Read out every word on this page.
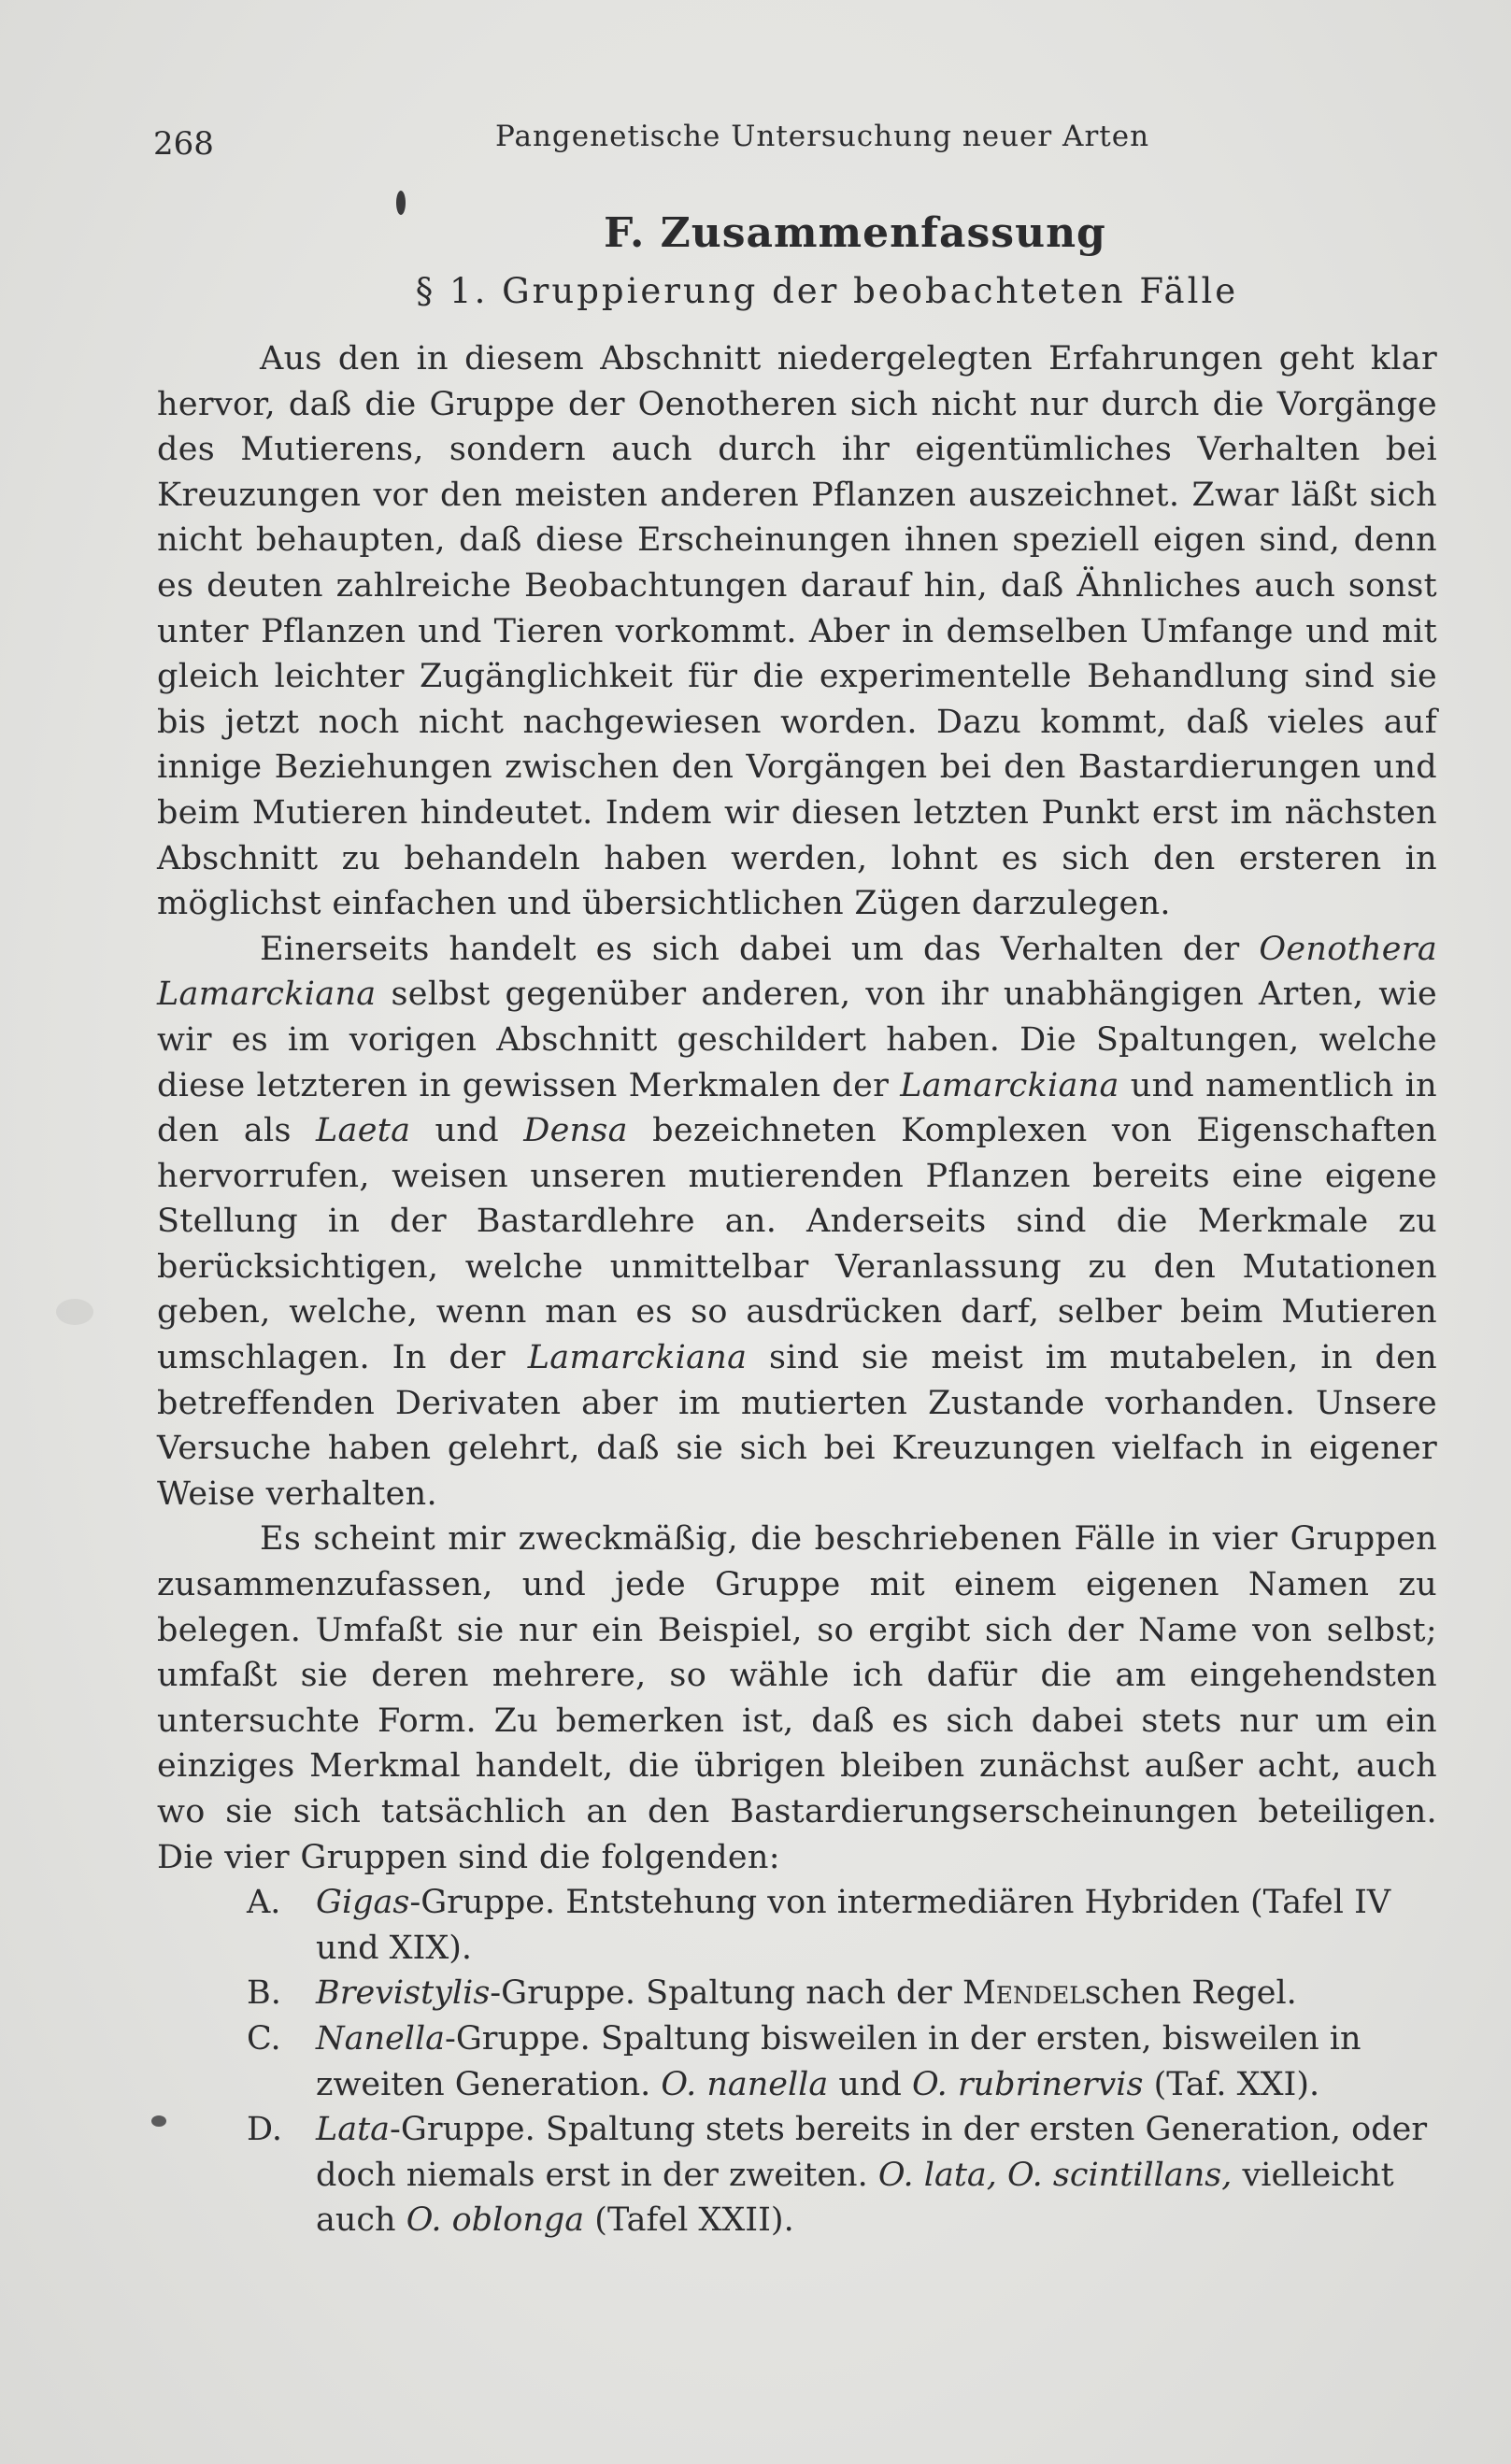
268	Pangenetische Untersuchung neuer Arten
F. Zusammenfassung
§ 1. Gruppierung der beobachteten Fälle

Aus den in diesem Abschnitt niedergelegten Erfahrungen geht klar hervor, daß die Gruppe der Oenotheren sich nicht nur durch die Vorgänge des Mutierens, sondern auch durch ihr eigentümliches Verhalten bei Kreuzungen vor den meisten anderen Pflanzen auszeichnet. Zwar läßt sich nicht behaupten, daß diese Erscheinungen ihnen speziell eigen sind, denn es deuten zahlreiche Beobachtungen darauf hin, daß Ähnliches auch sonst unter Pflanzen und Tieren vorkommt. Aber in demselben Umfange und mit gleich leichter Zugänglichkeit für die experimentelle Behandlung sind sie bis jetzt noch nicht nachgewiesen worden. Dazu kommt, daß vieles auf innige Beziehungen zwischen den Vorgängen bei den Bastardierungen und beim Mutieren hindeutet. Indem wir diesen letzten Punkt erst im nächsten Abschnitt zu behandeln haben werden, lohnt es sich den ersteren in möglichst einfachen und übersichtlichen Zügen darzulegen.

Einerseits handelt es sich dabei um das Verhalten der Oenothera Lamarckiana selbst gegenüber anderen, von ihr unabhängigen Arten, wie wir es im vorigen Abschnitt geschildert haben. Die Spaltungen, welche diese letzteren in gewissen Merkmalen der Lamarckiana und namentlich in den als Laeta und Densa bezeichneten Komplexen von Eigenschaften hervorrufen, weisen unseren mutierenden Pflanzen bereits eine eigene Stellung in der Bastardlehre an. Anderseits sind die Merkmale zu berücksichtigen, welche unmittelbar Veranlassung zu den Mutationen geben, welche, wenn man es so ausdrücken darf, selber beim Mutieren umschlagen. In der Lamarckiana sind sie meist im mutabelen, in den betreffenden Derivaten aber im mutierten Zustande vorhanden. Unsere Versuche haben gelehrt, daß sie sich bei Kreuzungen vielfach in eigener Weise verhalten.

Es scheint mir zweckmäßig, die beschriebenen Fälle in vier Gruppen zusammenzufassen, und jede Gruppe mit einem eigenen Namen zu belegen. Umfaßt sie nur ein Beispiel, so ergibt sich der Name von selbst; umfaßt sie deren mehrere, so wähle ich dafür die am eingehendsten untersuchte Form. Zu bemerken ist, daß es sich dabei stets nur um ein einziges Merkmal handelt, die übrigen bleiben zunächst außer acht, auch wo sie sich tatsächlich an den Bastardierungserscheinungen beteiligen. Die vier Gruppen sind die folgenden:

A. Gigas-Gruppe. Entstehung von intermediären Hybriden (Tafel IV und XIX).
B. Brevistylis-Gruppe. Spaltung nach der Mendelschen Regel.
C. Nanella-Gruppe. Spaltung bisweilen in der ersten, bisweilen in zweiten Generation. O. nanella und O. rubrinervis (Taf. XXI).
D. Lata-Gruppe. Spaltung stets bereits in der ersten Generation, oder doch niemals erst in der zweiten. O. lata, O. scintillans, vielleicht auch O. oblonga (Tafel XXII).
